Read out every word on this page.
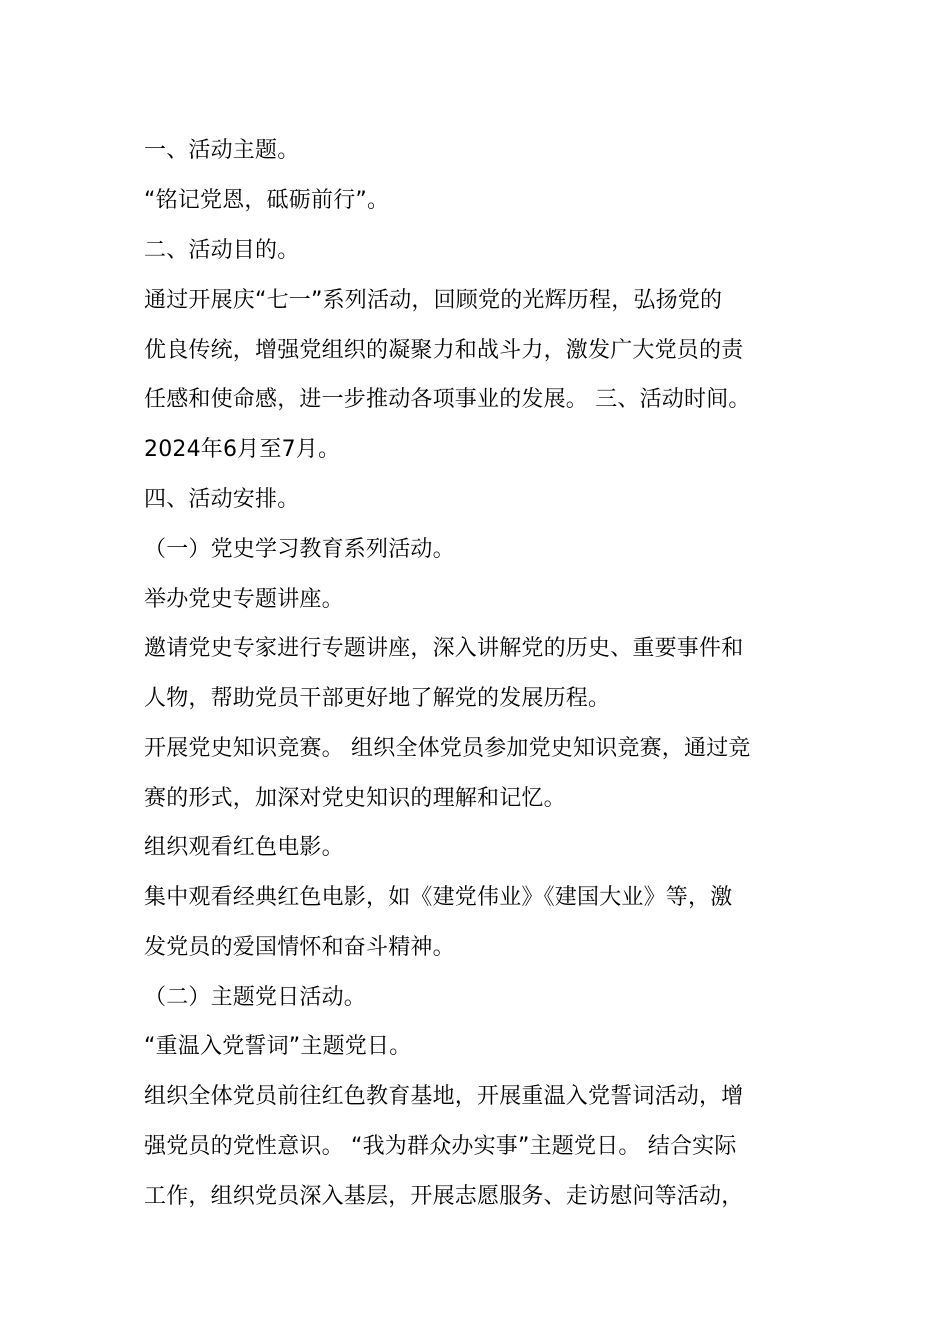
一、活动主题。
“铭记党恩，砥砺前行”。
二、活动目的。
通过开展庆“七一”系列活动，回顾党的光辉历程，弘扬党的
优良传统，增强党组织的凝聚力和战斗力，激发广大党员的责
任感和使命感，进一步推动各项事业的发展。 三、活动时间。
2024年6月至7月。
四、活动安排。
（一）党史学习教育系列活动。
举办党史专题讲座。
邀请党史专家进行专题讲座，深入讲解党的历史、重要事件和
人物，帮助党员干部更好地了解党的发展历程。
开展党史知识竞赛。 组织全体党员参加党史知识竞赛，通过竞
赛的形式，加深对党史知识的理解和记忆。
组织观看红色电影。
集中观看经典红色电影，如《建党伟业》《建国大业》等，激
发党员的爱国情怀和奋斗精神。
（二）主题党日活动。
“重温入党誓词”主题党日。
组织全体党员前往红色教育基地，开展重温入党誓词活动，增
强党员的党性意识。 “我为群众办实事”主题党日。 结合实际
工作，组织党员深入基层，开展志愿服务、走访慰问等活动，
